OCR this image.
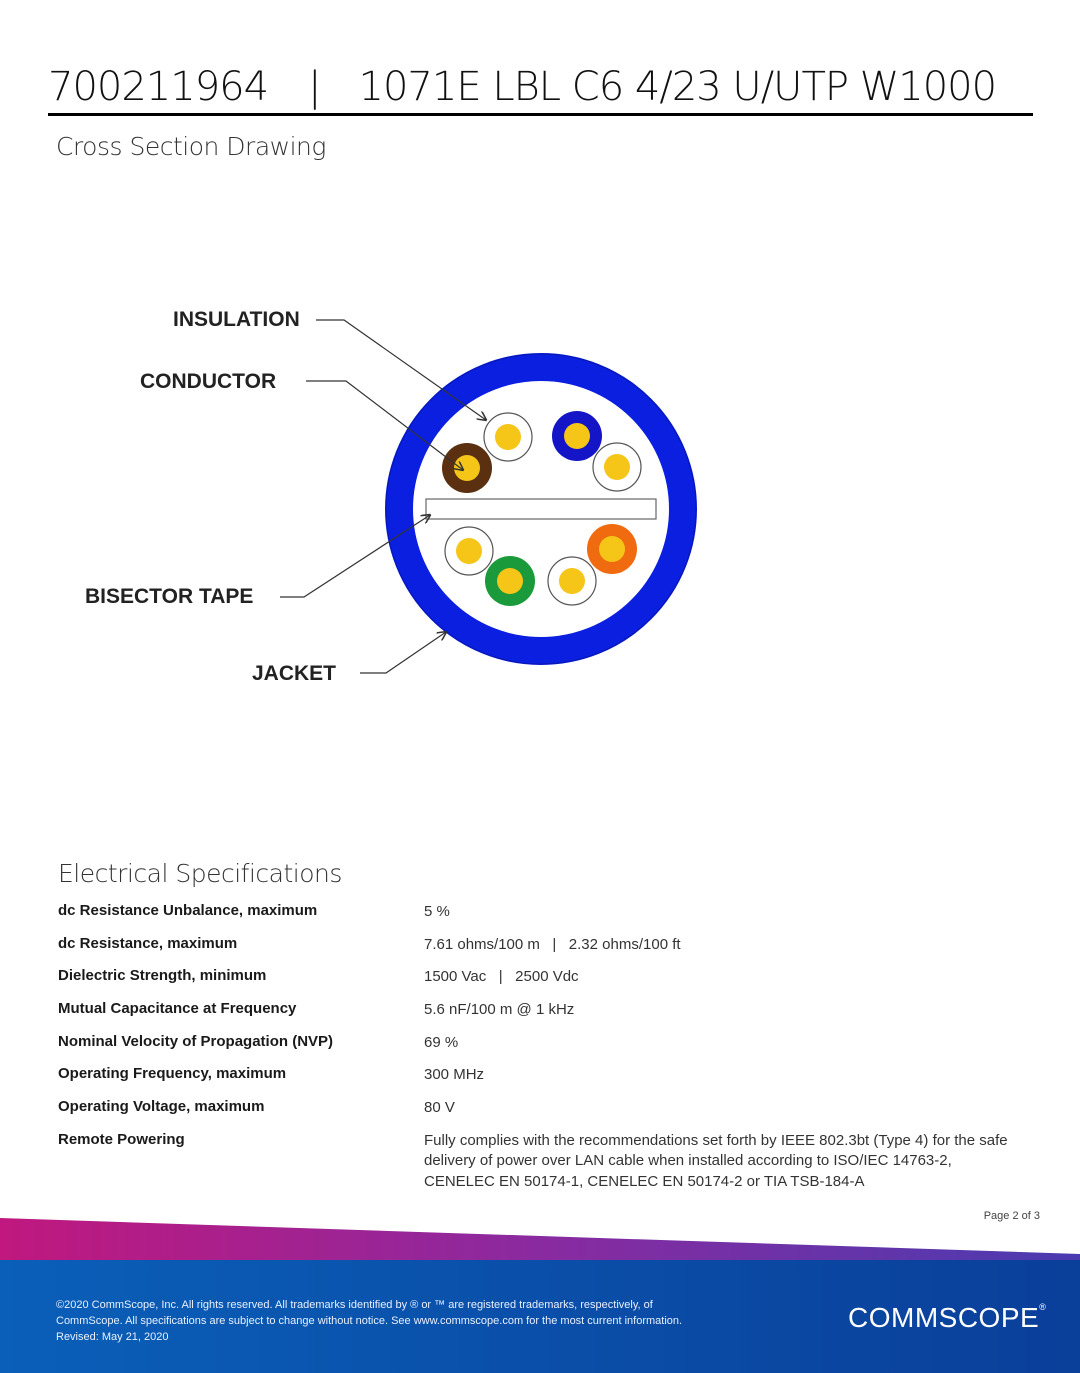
700211964 | 1071E LBL C6 4/23 U/UTP W1000
Cross Section Drawing
INSULATION
CONDUCTOR
BISECTOR TAPE
JACKET
Electrical Specifications
dc Resistance Unbalance, maximum	5 %
dc Resistance, maximum	7.61 ohms/100 m   |   2.32 ohms/100 ft
Dielectric Strength, minimum	1500 Vac   |   2500 Vdc
Mutual Capacitance at Frequency	5.6 nF/100 m @ 1 kHz
Nominal Velocity of Propagation (NVP)	69 %
Operating Frequency, maximum	300 MHz
Operating Voltage, maximum	80 V
Remote Powering	Fully complies with the recommendations set forth by IEEE 802.3bt (Type 4) for the safe delivery of power over LAN cable when installed according to ISO/IEC 14763-2, CENELEC EN 50174-1, CENELEC EN 50174-2 or TIA TSB-184-A
Page 2 of 3
©2020 CommScope, Inc. All rights reserved. All trademarks identified by ® or ™ are registered trademarks, respectively, of CommScope. All specifications are subject to change without notice. See www.commscope.com for the most current information. Revised: May 21, 2020
COMMSCOPE®
